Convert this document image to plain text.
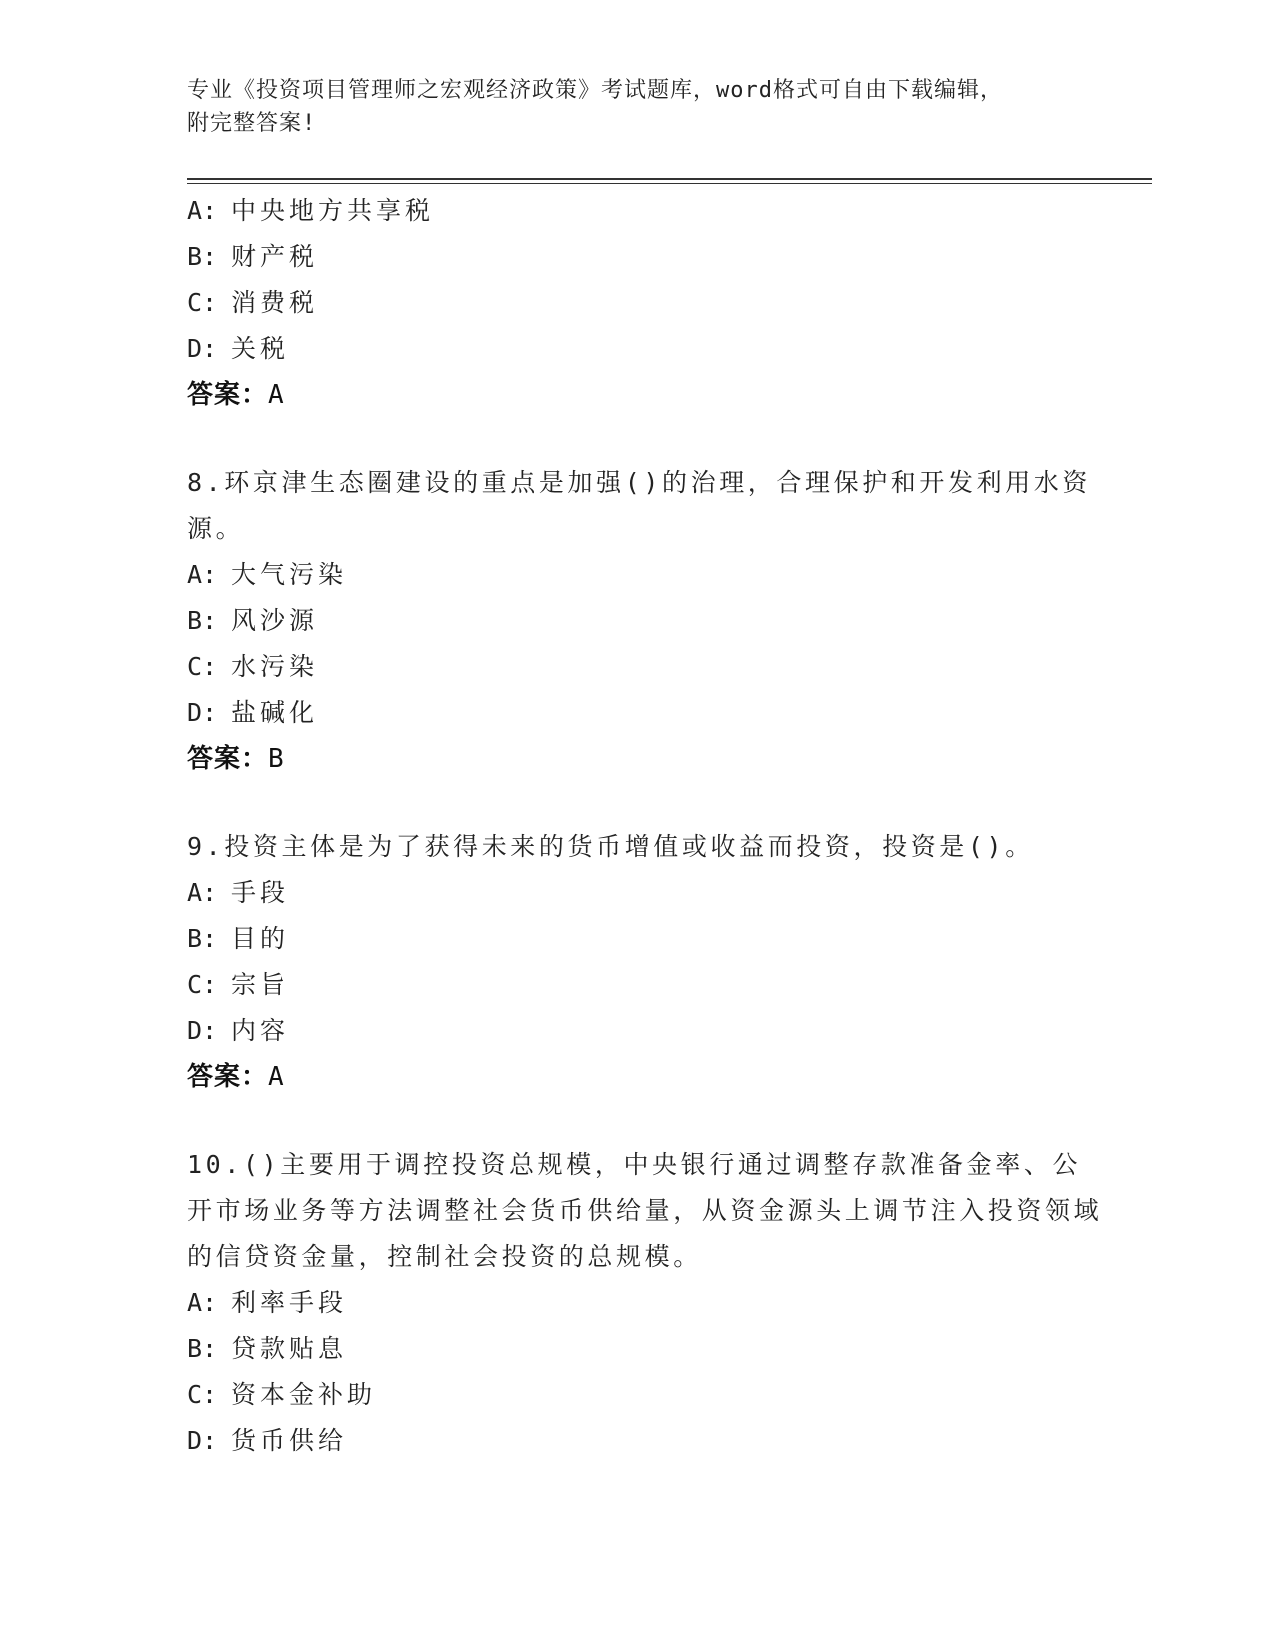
专业《投资项目管理师之宏观经济政策》考试题库，word格式可自由下载编辑，
附完整答案!
A: 中央地方共享税
B: 财产税
C: 消费税
D: 关税
答案：A
8.环京津生态圈建设的重点是加强()的治理，合理保护和开发利用水资源。
A: 大气污染
B: 风沙源
C: 水污染
D: 盐碱化
答案：B
9.投资主体是为了获得未来的货币增值或收益而投资，投资是()。
A: 手段
B: 目的
C: 宗旨
D: 内容
答案：A
10.()主要用于调控投资总规模，中央银行通过调整存款准备金率、公开市场业务等方法调整社会货币供给量，从资金源头上调节注入投资领域的信贷资金量，控制社会投资的总规模。
A: 利率手段
B: 贷款贴息
C: 资本金补助
D: 货币供给
